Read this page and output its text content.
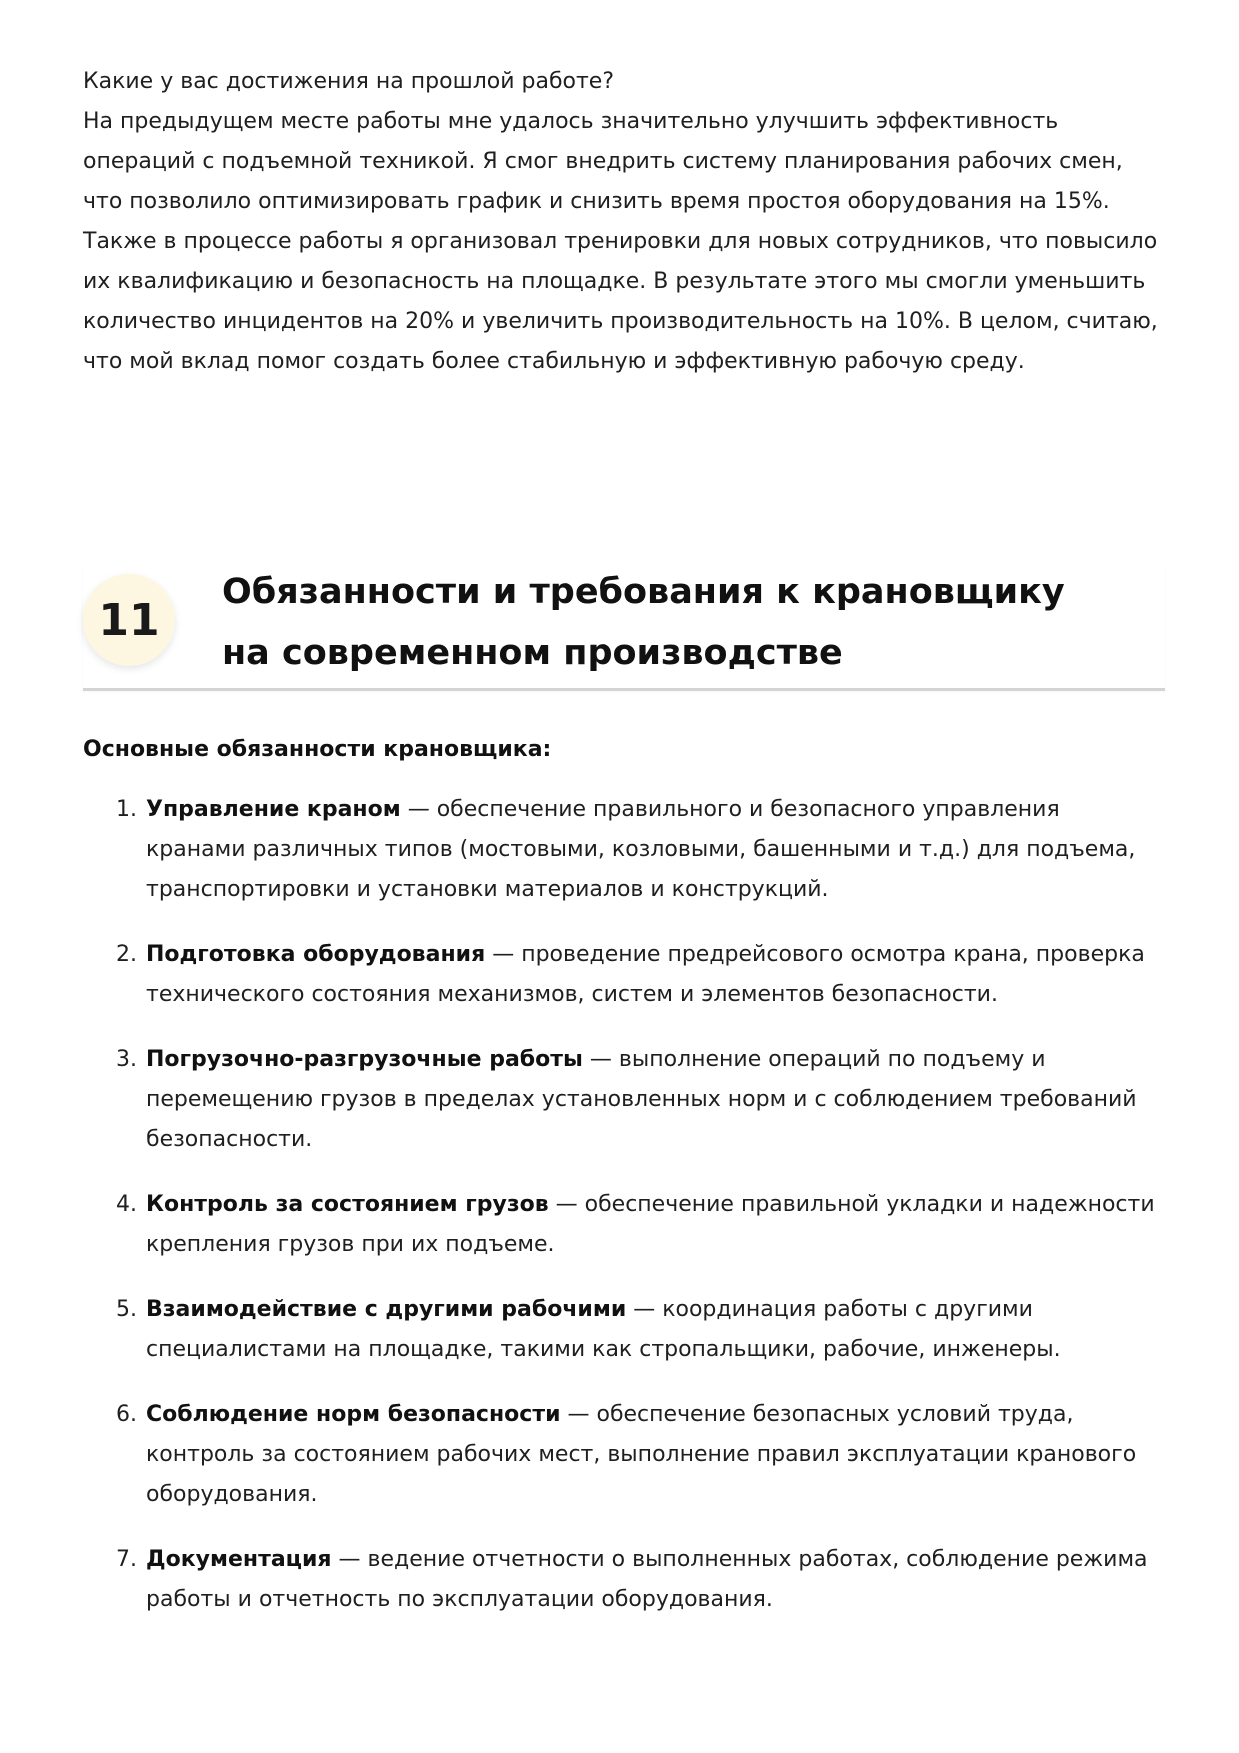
Какие у вас достижения на прошлой работе?

На предыдущем месте работы мне удалось значительно улучшить эффективность операций с подъемной техникой. Я смог внедрить систему планирования рабочих смен, что позволило оптимизировать график и снизить время простоя оборудования на 15%. Также в процессе работы я организовал тренировки для новых сотрудников, что повысило их квалификацию и безопасность на площадке. В результате этого мы смогли уменьшить количество инцидентов на 20% и увеличить производительность на 10%. В целом, считаю, что мой вклад помог создать более стабильную и эффективную рабочую среду.

11
Обязанности и требования к крановщику на современном производстве

Основные обязанности крановщика:

1. Управление краном — обеспечение правильного и безопасного управления кранами различных типов (мостовыми, козловыми, башенными и т.д.) для подъема, транспортировки и установки материалов и конструкций.
2. Подготовка оборудования — проведение предрейсового осмотра крана, проверка технического состояния механизмов, систем и элементов безопасности.
3. Погрузочно-разгрузочные работы — выполнение операций по подъему и перемещению грузов в пределах установленных норм и с соблюдением требований безопасности.
4. Контроль за состоянием грузов — обеспечение правильной укладки и надежности крепления грузов при их подъеме.
5. Взаимодействие с другими рабочими — координация работы с другими специалистами на площадке, такими как стропальщики, рабочие, инженеры.
6. Соблюдение норм безопасности — обеспечение безопасных условий труда, контроль за состоянием рабочих мест, выполнение правил эксплуатации кранового оборудования.
7. Документация — ведение отчетности о выполненных работах, соблюдение режима работы и отчетность по эксплуатации оборудования.
